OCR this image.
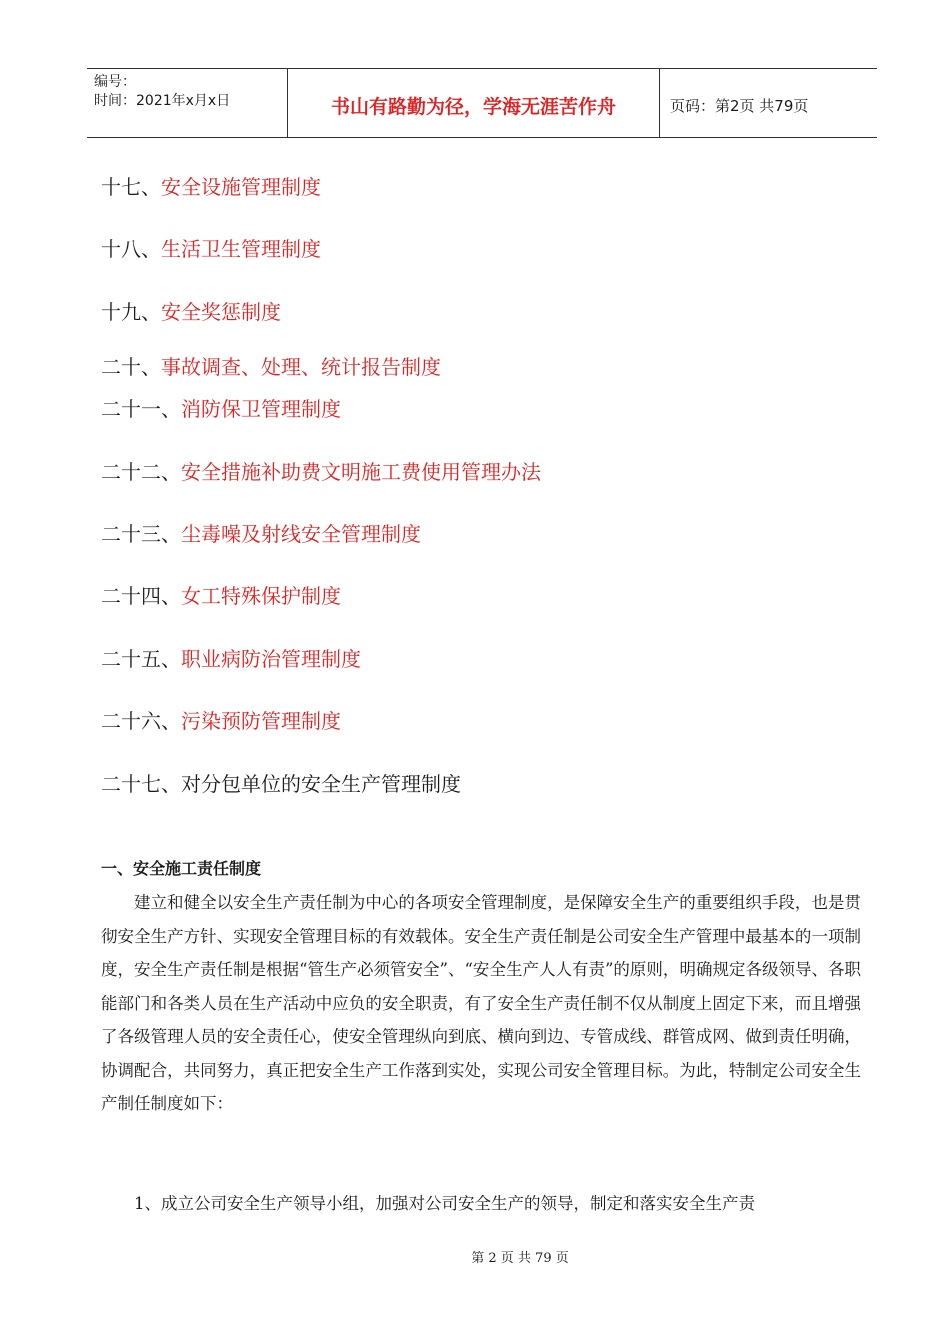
编号：
时间：2021年x月x日	书山有路勤为径，学海无涯苦作舟	页码：第2页 共79页
十七、安全设施管理制度
十八、生活卫生管理制度
十九、安全奖惩制度
二十、事故调查、处理、统计报告制度
二十一、消防保卫管理制度
二十二、安全措施补助费文明施工费使用管理办法
二十三、尘毒噪及射线安全管理制度
二十四、女工特殊保护制度
二十五、职业病防治管理制度
二十六、污染预防管理制度
二十七、对分包单位的安全生产管理制度
一、安全施工责任制度

建立和健全以安全生产责任制为中心的各项安全管理制度，是保障安全生产的重要组织手段，也是贯彻安全生产方针、实现安全管理目标的有效载体。安全生产责任制是公司安全生产管理中最基本的一项制度，安全生产责任制是根据“管生产必须管安全”、“安全生产人人有责”的原则，明确规定各级领导、各职能部门和各类人员在生产活动中应负的安全职责，有了安全生产责任制不仅从制度上固定下来，而且增强了各级管理人员的安全责任心，使安全管理纵向到底、横向到边、专管成线、群管成网、做到责任明确，协调配合，共同努力，真正把安全生产工作落到实处，实现公司安全管理目标。为此，特制定公司安全生产制任制度如下：

1、成立公司安全生产领导小组，加强对公司安全生产的领导，制定和落实安全生产责

第 2 页 共 79 页
